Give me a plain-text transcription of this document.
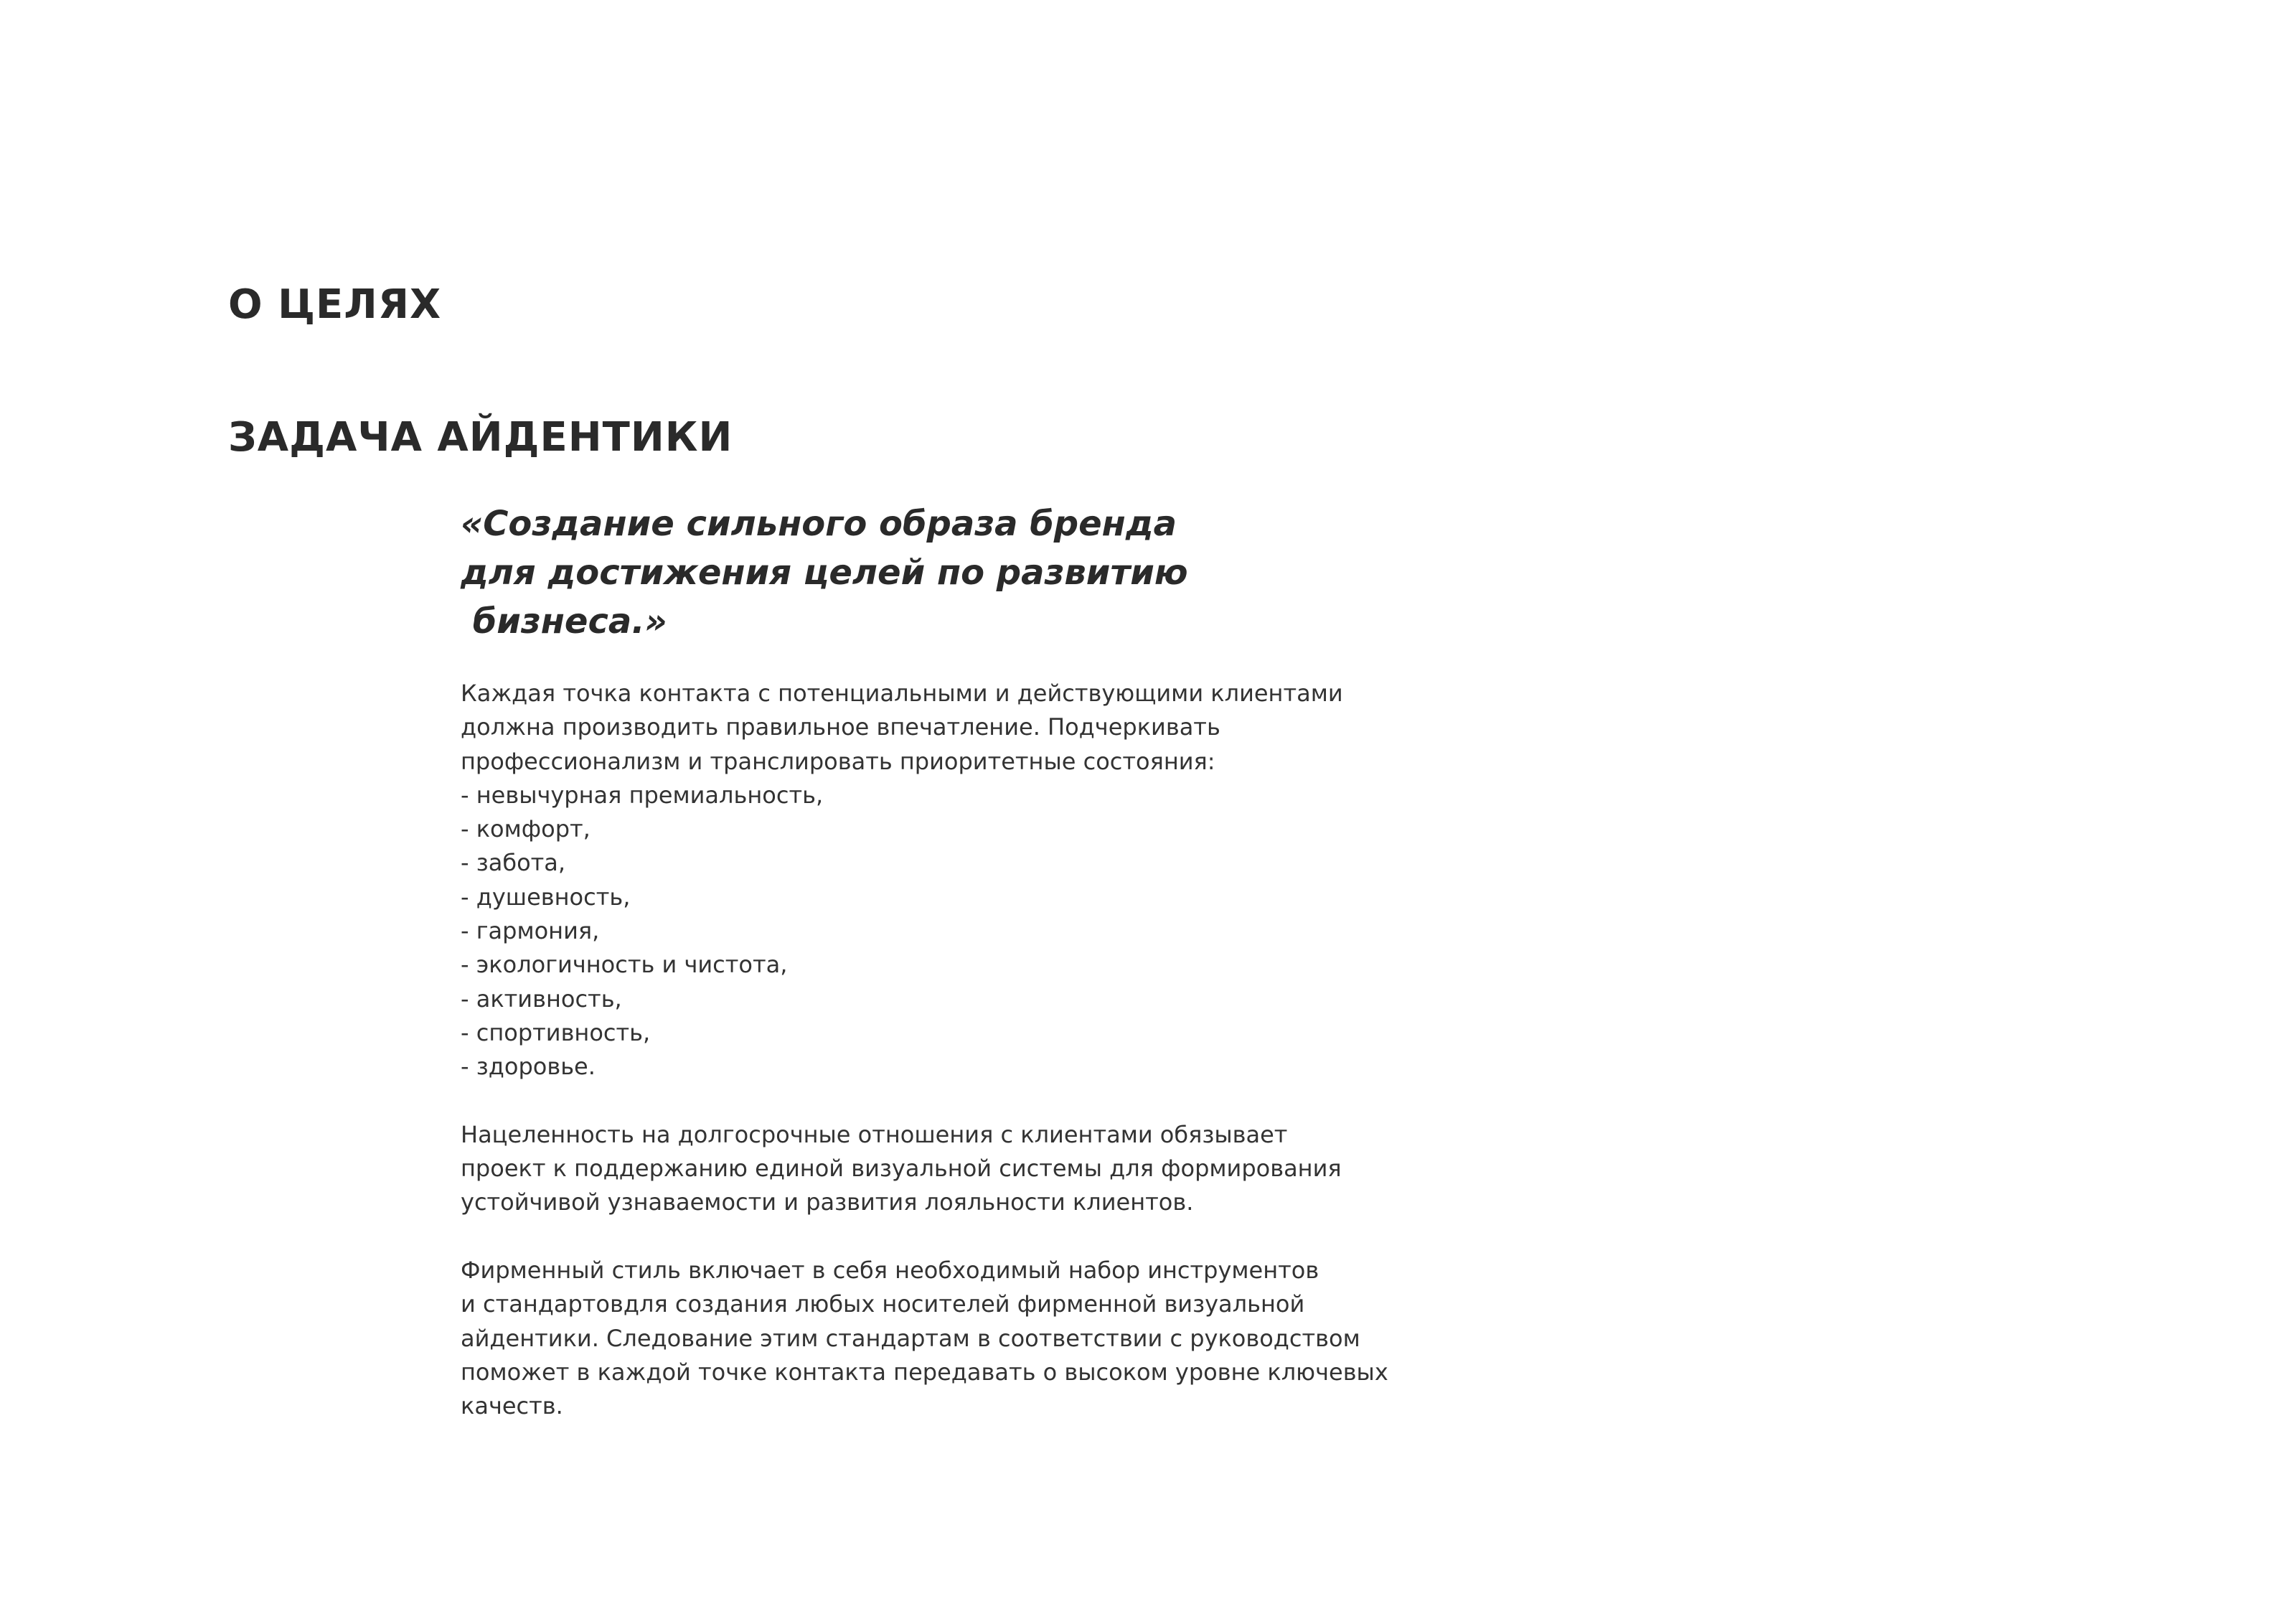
О ЦЕЛЯХ
ЗАДАЧА АЙДЕНТИКИ
«Создание сильного образа бренда
для достижения целей по развитию
бизнеса.»
Каждая точка контакта с потенциальными и действующими клиентами
должна производить правильное впечатление. Подчеркивать
профессионализм и транслировать приоритетные состояния:
- невычурная премиальность,
- комфорт,
- забота,
- душевность,
- гармония,
- экологичность и чистота,
- активность,
- спортивность,
- здоровье.
Нацеленность на долгосрочные отношения с клиентами обязывает
проект к поддержанию единой визуальной системы для формирования
устойчивой узнаваемости и развития лояльности клиентов.
Фирменный стиль включает в себя необходимый набор инструментов
и стандартовдля создания любых носителей фирменной визуальной
айдентики. Следование этим стандартам в соответствии с руководством
поможет в каждой точке контакта передавать о высоком уровне ключевых
качеств.
